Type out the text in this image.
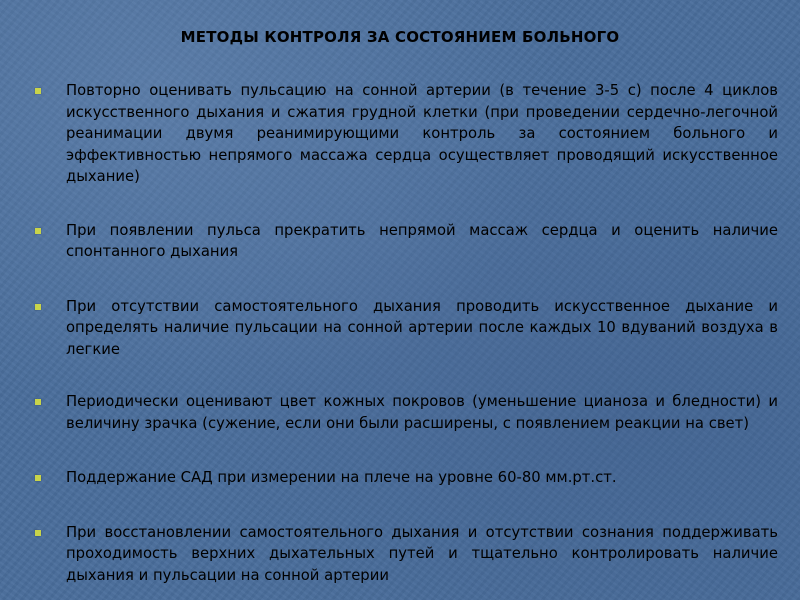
МЕТОДЫ КОНТРОЛЯ ЗА СОСТОЯНИЕМ БОЛЬНОГО
Повторно оценивать пульсацию на сонной артерии (в течение 3-5 с) после 4 циклов искусственного дыхания и сжатия грудной клетки (при проведении сердечно-легочной реанимации двумя реанимирующими контроль за состоянием больного и эффективностью непрямого массажа сердца осуществляет проводящий искусственное дыхание)
При появлении пульса прекратить непрямой массаж сердца и оценить наличие спонтанного дыхания
При отсутствии самостоятельного дыхания проводить искусственное дыхание и определять наличие пульсации на сонной артерии после каждых 10 вдуваний воздуха в легкие
Периодически оценивают цвет кожных покровов (уменьшение цианоза и бледности) и величину зрачка (сужение, если они были расширены, с появлением реакции на свет)
Поддержание САД при измерении на плече на уровне 60-80 мм.рт.ст.
При восстановлении самостоятельного дыхания и отсутствии сознания поддерживать проходимость верхних дыхательных путей и тщательно контролировать наличие дыхания и пульсации на сонной артерии
